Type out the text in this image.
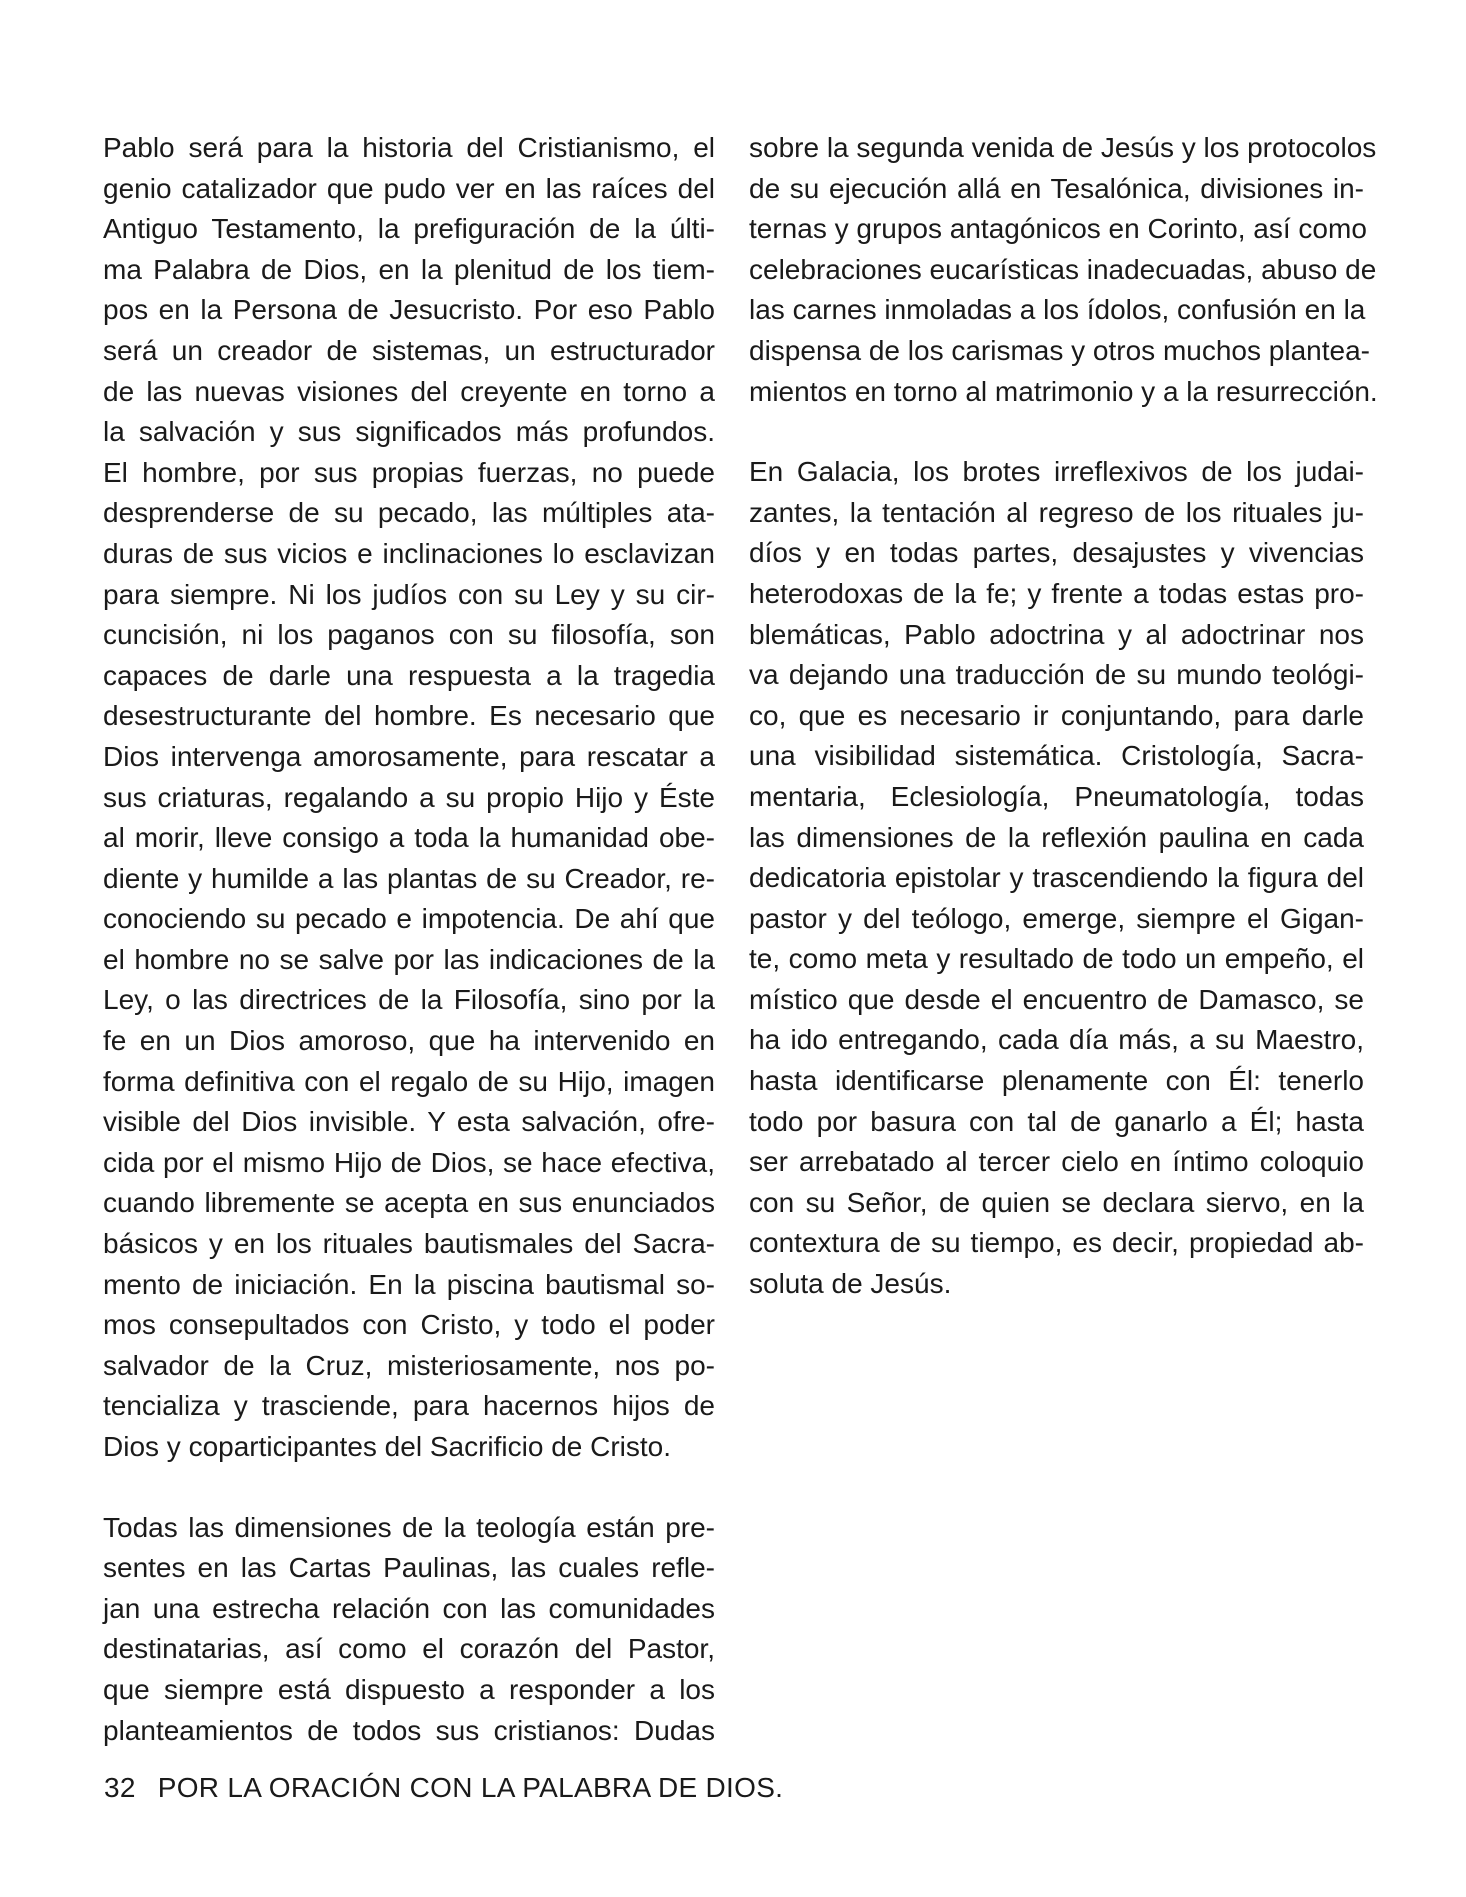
Pablo será para la historia del Cristianismo, el
genio catalizador que pudo ver en las raíces del
Antiguo Testamento, la prefiguración de la últi-
ma Palabra de Dios, en la plenitud de los tiem-
pos en la Persona de Jesucristo. Por eso Pablo
será un creador de sistemas, un estructurador
de las nuevas visiones del creyente en torno a
la salvación y sus significados más profundos.
El hombre, por sus propias fuerzas, no puede
desprenderse de su pecado, las múltiples ata-
duras de sus vicios e inclinaciones lo esclavizan
para siempre. Ni los judíos con su Ley y su cir-
cuncisión, ni los paganos con su filosofía, son
capaces de darle una respuesta a la tragedia
desestructurante del hombre. Es necesario que
Dios intervenga amorosamente, para rescatar a
sus criaturas, regalando a su propio Hijo y Éste
al morir, lleve consigo a toda la humanidad obe-
diente y humilde a las plantas de su Creador, re-
conociendo su pecado e impotencia. De ahí que
el hombre no se salve por las indicaciones de la
Ley, o las directrices de la Filosofía, sino por la
fe en un Dios amoroso, que ha intervenido en
forma definitiva con el regalo de su Hijo, imagen
visible del Dios invisible. Y esta salvación, ofre-
cida por el mismo Hijo de Dios, se hace efectiva,
cuando libremente se acepta en sus enunciados
básicos y en los rituales bautismales del Sacra-
mento de iniciación. En la piscina bautismal so-
mos consepultados con Cristo, y todo el poder
salvador de la Cruz, misteriosamente, nos po-
tencializa y trasciende, para hacernos hijos de
Dios y coparticipantes del Sacrificio de Cristo.

Todas las dimensiones de la teología están pre-
sentes en las Cartas Paulinas, las cuales refle-
jan una estrecha relación con las comunidades
destinatarias, así como el corazón del Pastor,
que siempre está dispuesto a responder a los
planteamientos de todos sus cristianos: Dudas

sobre la segunda venida de Jesús y los protocolos
de su ejecución allá en Tesalónica, divisiones in-
ternas y grupos antagónicos en Corinto, así como
celebraciones eucarísticas inadecuadas, abuso de
las carnes inmoladas a los ídolos, confusión en la
dispensa de los carismas y otros muchos plantea-
mientos en torno al matrimonio y a la resurrección.

En Galacia, los brotes irreflexivos de los judai-
zantes, la tentación al regreso de los rituales ju-
díos y en todas partes, desajustes y vivencias
heterodoxas de la fe; y frente a todas estas pro-
blemáticas, Pablo adoctrina y al adoctrinar nos
va dejando una traducción de su mundo teológi-
co, que es necesario ir conjuntando, para darle
una visibilidad sistemática. Cristología, Sacra-
mentaria, Eclesiología, Pneumatología, todas
las dimensiones de la reflexión paulina en cada
dedicatoria epistolar y trascendiendo la figura del
pastor y del teólogo, emerge, siempre el Gigan-
te, como meta y resultado de todo un empeño, el
místico que desde el encuentro de Damasco, se
ha ido entregando, cada día más, a su Maestro,
hasta identificarse plenamente con Él: tenerlo
todo por basura con tal de ganarlo a Él; hasta
ser arrebatado al tercer cielo en íntimo coloquio
con su Señor, de quien se declara siervo, en la
contextura de su tiempo, es decir, propiedad ab-
soluta de Jesús.

32 POR LA ORACIÓN CON LA PALABRA DE DIOS.
